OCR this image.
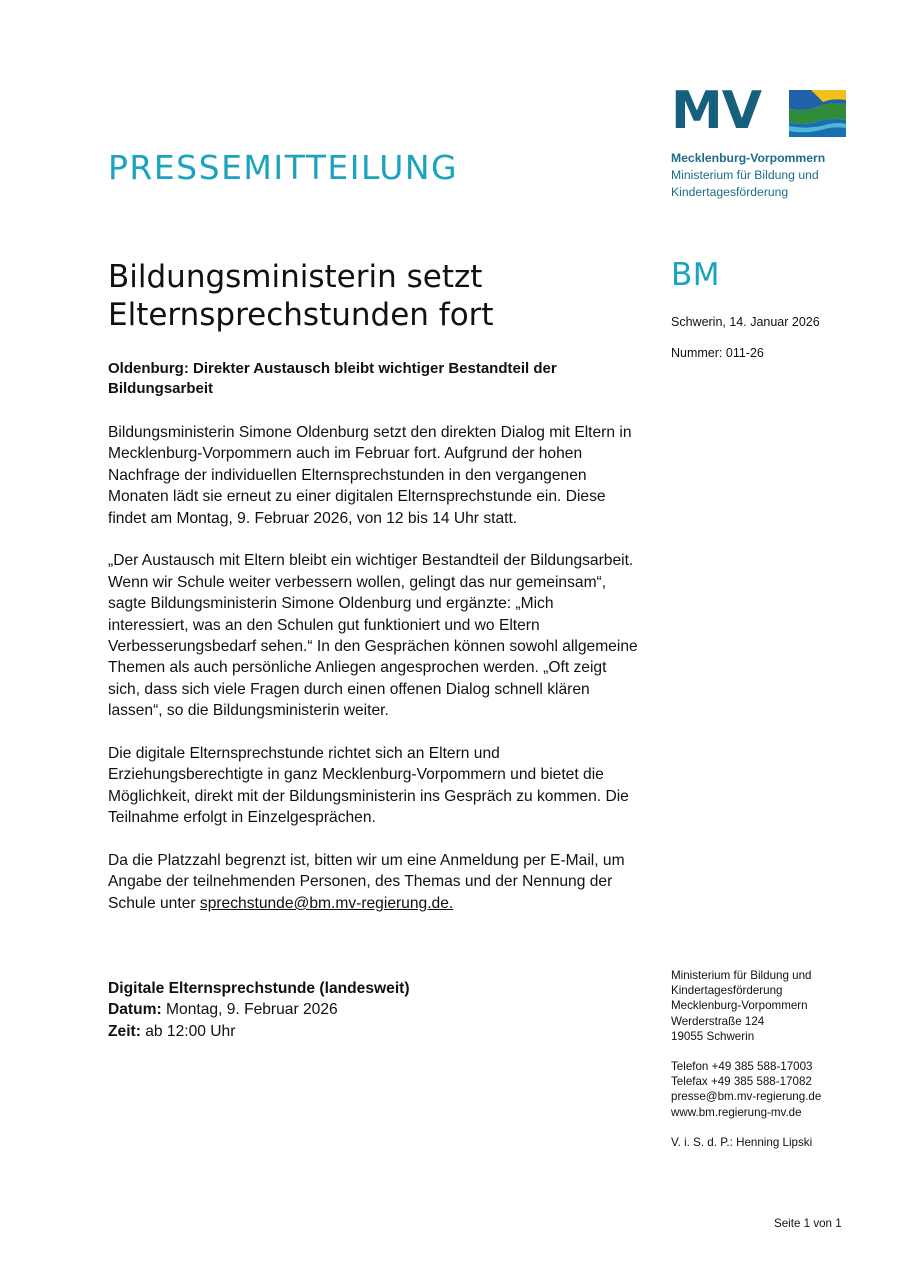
PRESSEMITTEILUNG
MV
Mecklenburg-Vorpommern
Ministerium für Bildung und
Kindertagesförderung
BM
Schwerin, 14. Januar 2026
Nummer: 011-26
Bildungsministerin setzt
Elternsprechstunden fort
Oldenburg: Direkter Austausch bleibt wichtiger Bestandteil der Bildungsarbeit

Bildungsministerin Simone Oldenburg setzt den direkten Dialog mit Eltern in Mecklenburg-Vorpommern auch im Februar fort. Aufgrund der hohen Nachfrage der individuellen Elternsprechstunden in den vergangenen Monaten lädt sie erneut zu einer digitalen Elternsprechstunde ein. Diese findet am Montag, 9. Februar 2026, von 12 bis 14 Uhr statt.

„Der Austausch mit Eltern bleibt ein wichtiger Bestandteil der Bildungsarbeit. Wenn wir Schule weiter verbessern wollen, gelingt das nur gemeinsam“, sagte Bildungsministerin Simone Oldenburg und ergänzte: „Mich interessiert, was an den Schulen gut funktioniert und wo Eltern Verbesserungsbedarf sehen.“ In den Gesprächen können sowohl allgemeine Themen als auch persönliche Anliegen angesprochen werden. „Oft zeigt sich, dass sich viele Fragen durch einen offenen Dialog schnell klären lassen“, so die Bildungsministerin weiter.

Die digitale Elternsprechstunde richtet sich an Eltern und Erziehungsberechtigte in ganz Mecklenburg-Vorpommern und bietet die Möglichkeit, direkt mit der Bildungsministerin ins Gespräch zu kommen. Die Teilnahme erfolgt in Einzelgesprächen.

Da die Platzzahl begrenzt ist, bitten wir um eine Anmeldung per E-Mail, um Angabe der teilnehmenden Personen, des Themas und der Nennung der Schule unter sprechstunde@bm.mv-regierung.de.

Digitale Elternsprechstunde (landesweit)
Datum: Montag, 9. Februar 2026
Zeit: ab 12:00 Uhr
Ministerium für Bildung und
Kindertagesförderung
Mecklenburg-Vorpommern
Werderstraße 124
19055 Schwerin
Telefon +49 385 588-17003
Telefax +49 385 588-17082
presse@bm.mv-regierung.de
www.bm.regierung-mv.de
V. i. S. d. P.: Henning Lipski
Seite 1 von 1
